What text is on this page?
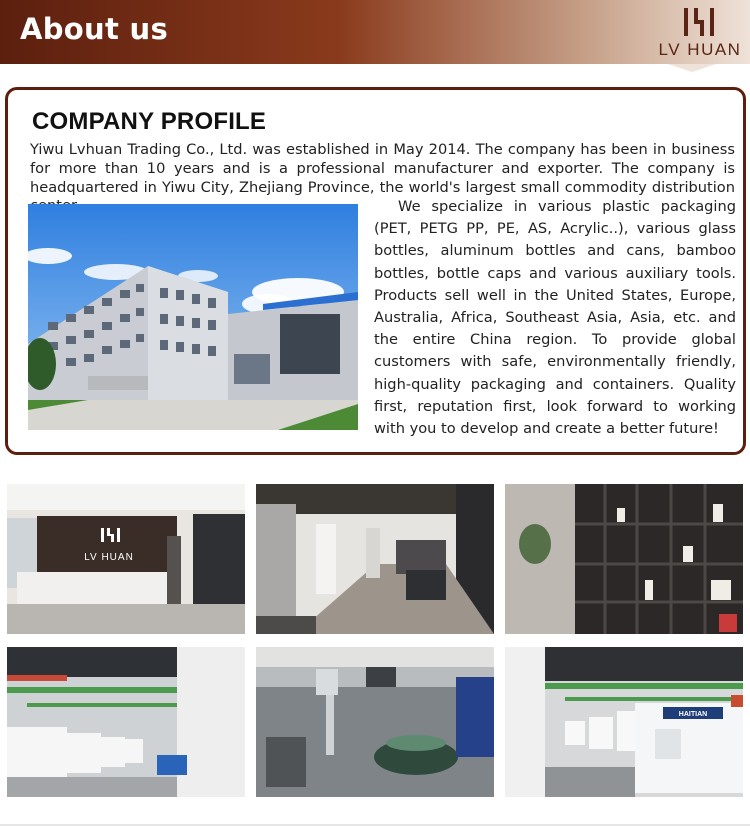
About us
LV HUAN
COMPANY PROFILE
Yiwu Lvhuan Trading Co., Ltd. was established in May 2014. The company has been in business for more than 10 years and is a professional manufacturer and exporter. The company is headquartered in Yiwu City, Zhejiang Province, the world's largest small commodity distribution
We specialize in various plastic packaging (PET, PETG PP, PE, AS, Acrylic..), various glass bottles, aluminum bottles and cans, bamboo bottles, bottle caps and various auxiliary tools. Products sell well in the United States, Europe, Australia, Africa, Southeast Asia, Asia, etc. and the entire China region. To provide global customers with safe, environmentally friendly, high-quality packaging and containers. Quality first, reputation first, look forward to working with you to develop and create a better future!
LV HUAN
HAITIAN
